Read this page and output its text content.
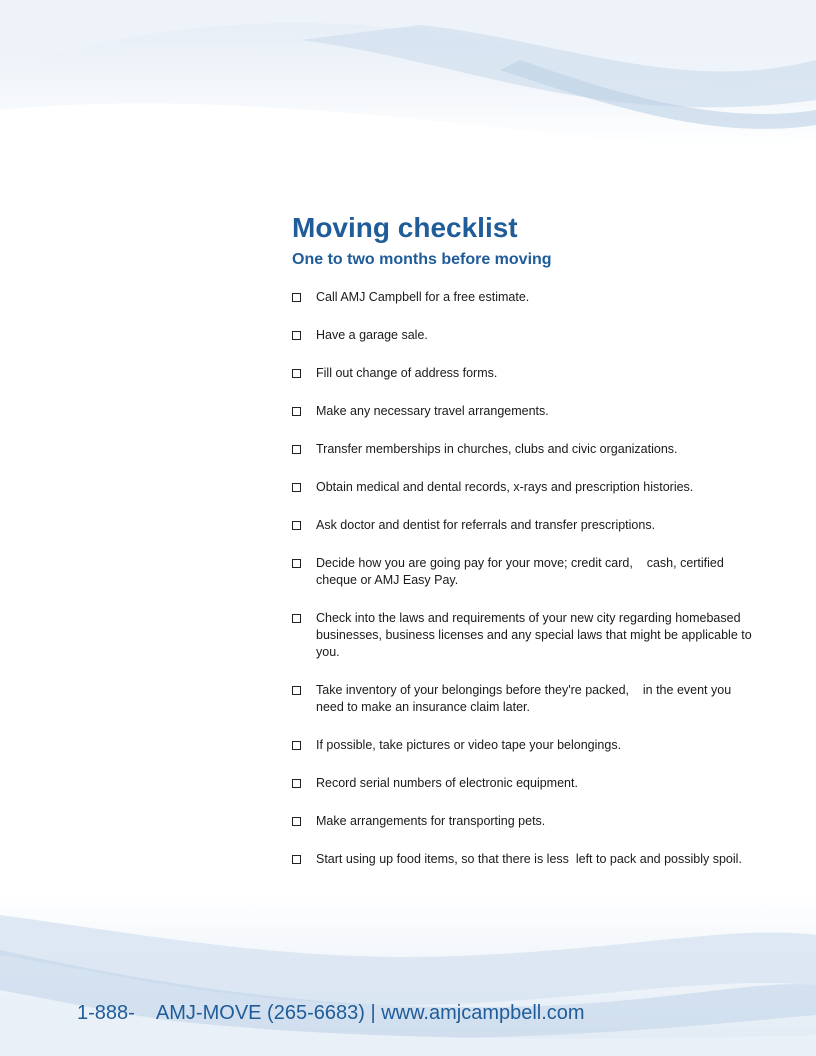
Moving checklist
One to two months before moving
Call AMJ Campbell for a free estimate.
Have a garage sale.
Fill out change of address forms.
Make any necessary travel arrangements.
Transfer memberships in churches, clubs and civic organizations.
Obtain medical and dental records, x-rays and prescription histories.
Ask doctor and dentist for referrals and transfer prescriptions.
Decide how you are going pay for your move; credit card,    cash, certified cheque or AMJ Easy Pay.
Check into the laws and requirements of your new city regarding homebased businesses, business licenses and any special laws that might be applicable to you.
Take inventory of your belongings before they're packed,    in the event you need to make an insurance claim later.
If possible, take pictures or video tape your belongings.
Record serial numbers of electronic equipment.
Make arrangements for transporting pets.
Start using up food items, so that there is less  left to pack and possibly spoil.
1-888-    AMJ-MOVE (265-6683) | www.amjcampbell.com
